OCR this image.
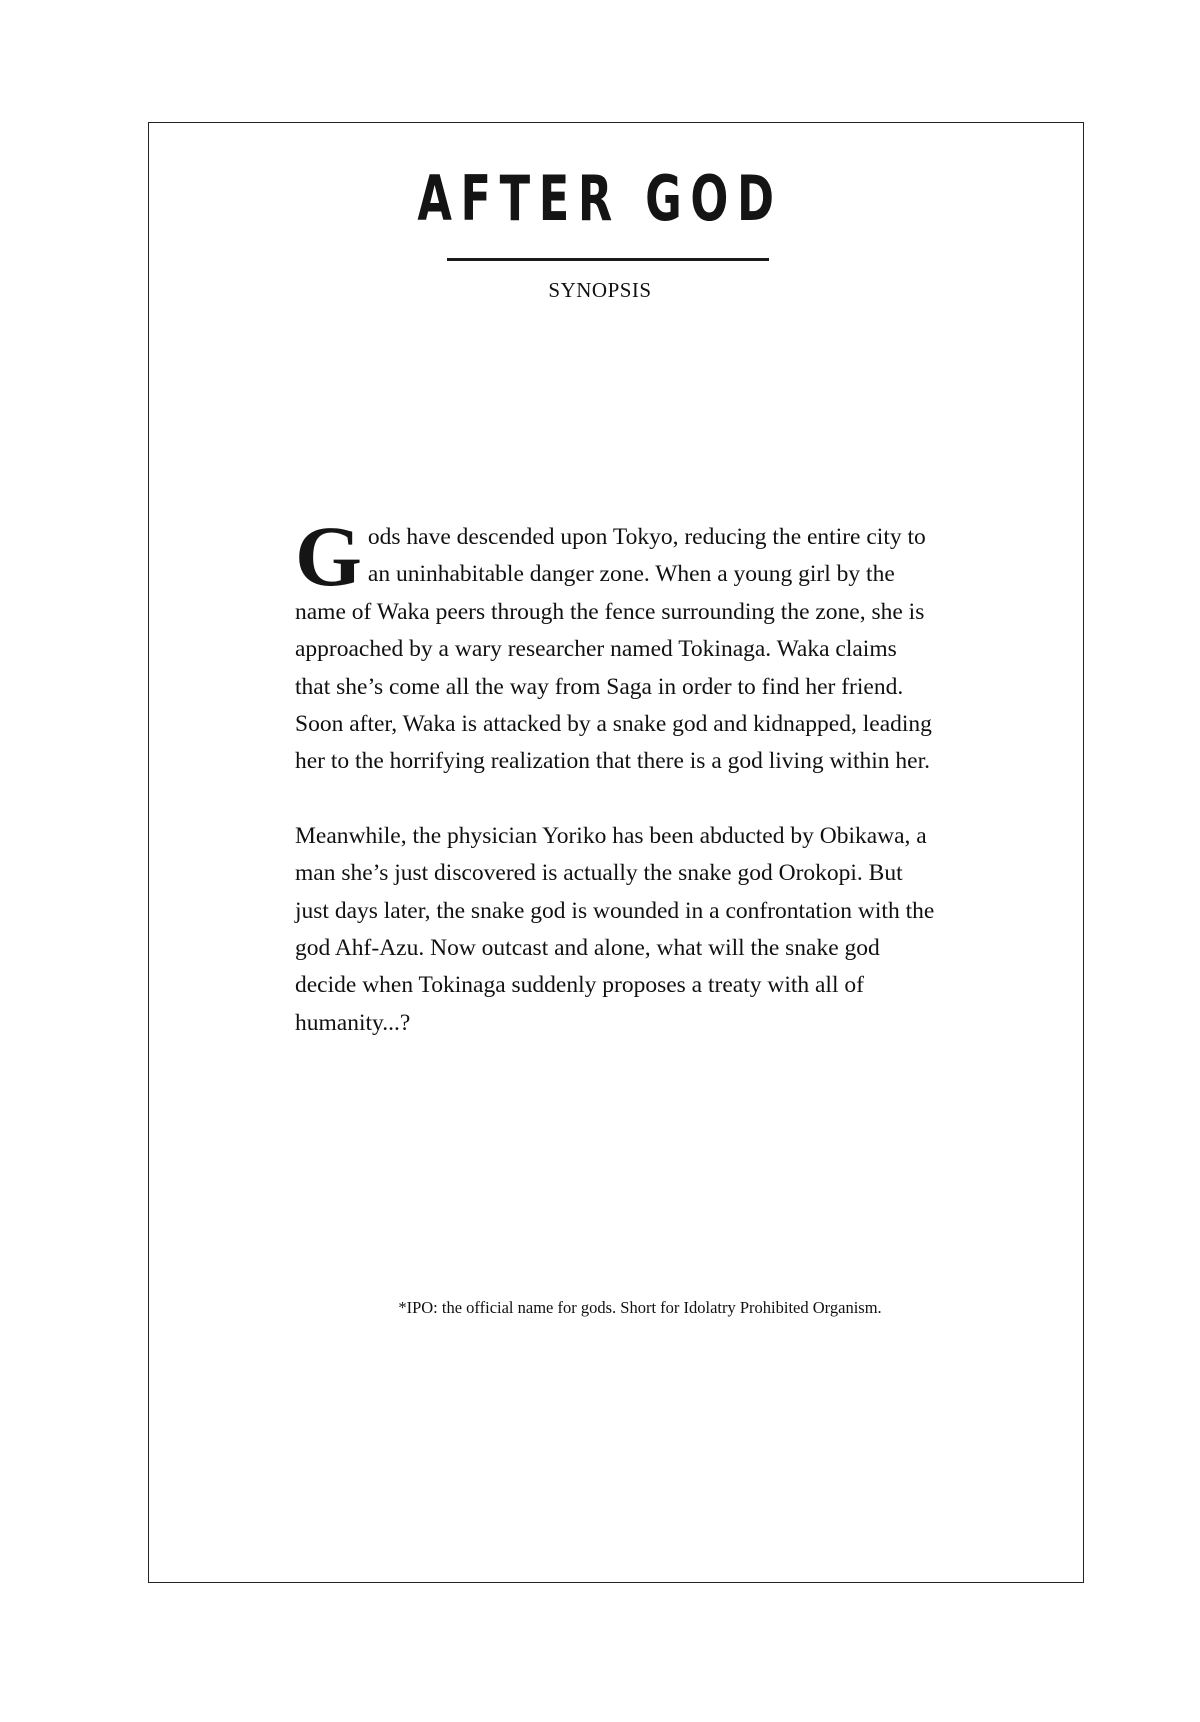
AFTER GOD
SYNOPSIS

Gods have descended upon Tokyo, reducing the entire city to an uninhabitable danger zone. When a young girl by the name of Waka peers through the fence surrounding the zone, she is approached by a wary researcher named Tokinaga. Waka claims that she’s come all the way from Saga in order to find her friend. Soon after, Waka is attacked by a snake god and kidnapped, leading her to the horrifying realization that there is a god living within her.

Meanwhile, the physician Yoriko has been abducted by Obikawa, a man she’s just discovered is actually the snake god Orokopi. But just days later, the snake god is wounded in a confrontation with the god Ahf-Azu. Now outcast and alone, what will the snake god decide when Tokinaga suddenly proposes a treaty with all of humanity...?

*IPO: the official name for gods. Short for Idolatry Prohibited Organism.
